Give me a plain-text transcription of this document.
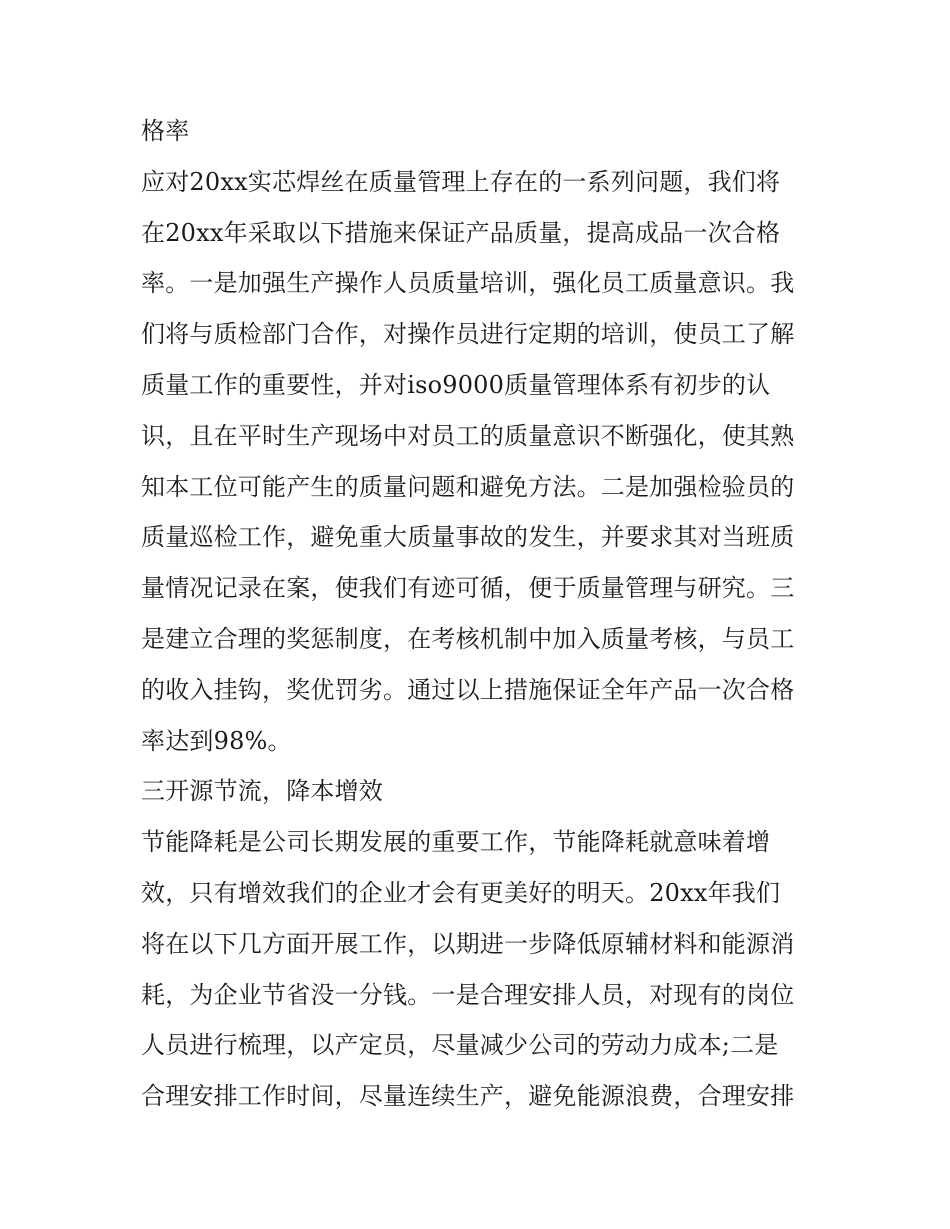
格率
应对20xx实芯焊丝在质量管理上存在的一系列问题，我们将
在20xx年采取以下措施来保证产品质量，提高成品一次合格
率。一是加强生产操作人员质量培训，强化员工质量意识。我
们将与质检部门合作，对操作员进行定期的培训，使员工了解
质量工作的重要性，并对iso9000质量管理体系有初步的认
识，且在平时生产现场中对员工的质量意识不断强化，使其熟
知本工位可能产生的质量问题和避免方法。二是加强检验员的
质量巡检工作，避免重大质量事故的发生，并要求其对当班质
量情况记录在案，使我们有迹可循，便于质量管理与研究。三
是建立合理的奖惩制度，在考核机制中加入质量考核，与员工
的收入挂钩，奖优罚劣。通过以上措施保证全年产品一次合格
率达到98%。
三开源节流，降本增效
节能降耗是公司长期发展的重要工作，节能降耗就意味着增
效，只有增效我们的企业才会有更美好的明天。20xx年我们
将在以下几方面开展工作，以期进一步降低原辅材料和能源消
耗，为企业节省没一分钱。一是合理安排人员，对现有的岗位
人员进行梳理，以产定员，尽量减少公司的劳动力成本;二是
合理安排工作时间，尽量连续生产，避免能源浪费，合理安排
